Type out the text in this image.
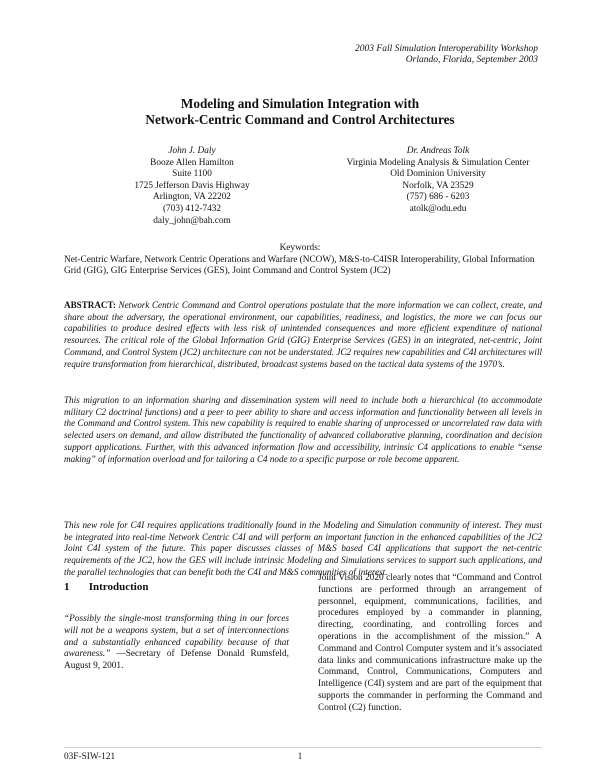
2003 Fall Simulation Interoperability Workshop
Orlando, Florida, September 2003
Modeling and Simulation Integration with
Network-Centric Command and Control Architectures
John J. Daly
Booze Allen Hamilton
Suite 1100
1725 Jefferson Davis Highway
Arlington, VA 22202
(703) 412-7432
daly_john@bah.com
Dr. Andreas Tolk
Virginia Modeling Analysis & Simulation Center
Old Dominion University
Norfolk, VA 23529
(757) 686 - 6203
atolk@odu.edu
Keywords:
Net-Centric Warfare, Network Centric Operations and Warfare (NCOW), M&S-to-C4ISR Interoperability, Global Information Grid (GIG), GIG Enterprise Services (GES), Joint Command and Control System (JC2)
ABSTRACT: Network Centric Command and Control operations postulate that the more information we can collect, create, and share about the adversary, the operational environment, our capabilities, readiness, and logistics, the more we can focus our capabilities to produce desired effects with less risk of unintended consequences and more efficient expenditure of national resources. The critical role of the Global Information Grid (GIG) Enterprise Services (GES) in an integrated, net-centric, Joint Command, and Control System (JC2) architecture can not be understated. JC2 requires new capabilities and C4I architectures will require transformation from hierarchical, distributed, broadcast systems based on the tactical data systems of the 1970’s.
This migration to an information sharing and dissemination system will need to include both a hierarchical (to accommodate military C2 doctrinal functions) and a peer to peer ability to share and access information and functionality between all levels in the Command and Control system. This new capability is required to enable sharing of unprocessed or uncorrelated raw data with selected users on demand, and allow distributed the functionality of advanced collaborative planning, coordination and decision support applications. Further, with this advanced information flow and accessibility, intrinsic C4 applications to enable “sense making” of information overload and for tailoring a C4 node to a specific purpose or role become apparent.
This new role for C4I requires applications traditionally found in the Modeling and Simulation community of interest. They must be integrated into real-time Network Centric C4I and will perform an important function in the enhanced capabilities of the JC2 Joint C4I system of the future. This paper discusses classes of M&S based C4I applications that support the net-centric requirements of the JC2, how the GES will include intrinsic Modeling and Simulations services to support such applications, and the parallel technologies that can benefit both the C4I and M&S communities of interest.
1 Introduction
“Possibly the single-most transforming thing in our forces will not be a weapons system, but a set of interconnections and a substantially enhanced capability because of that awareness.” —Secretary of Defense Donald Rumsfeld, August 9, 2001.
Joint Vision 2020 clearly notes that “Command and Control functions are performed through an arrangement of personnel, equipment, communications, facilities, and procedures employed by a commander in planning, directing, coordinating, and controlling forces and operations in the accomplishment of the mission.” A Command and Control Computer system and it’s associated data links and communications infrastructure make up the Command, Control, Communications, Computers and Intelligence (C4I) system and are part of the equipment that supports the commander in performing the Command and Control (C2) function.
03F-SIW-121	1
